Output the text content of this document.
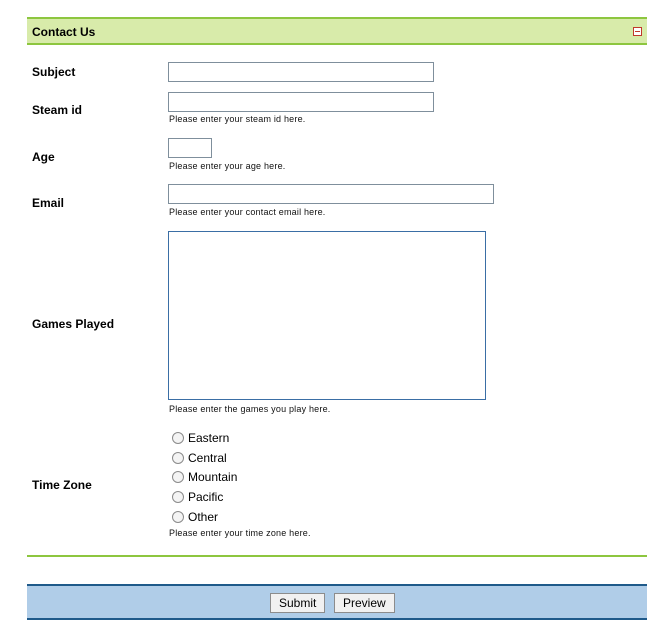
Contact Us
Subject
Steam id
Please enter your steam id here.
Age
Please enter your age here.
Email
Please enter your contact email here.
Games Played
Please enter the games you play here.
Time Zone
Eastern
Central
Mountain
Pacific
Other
Please enter your time zone here.
Submit	Preview
